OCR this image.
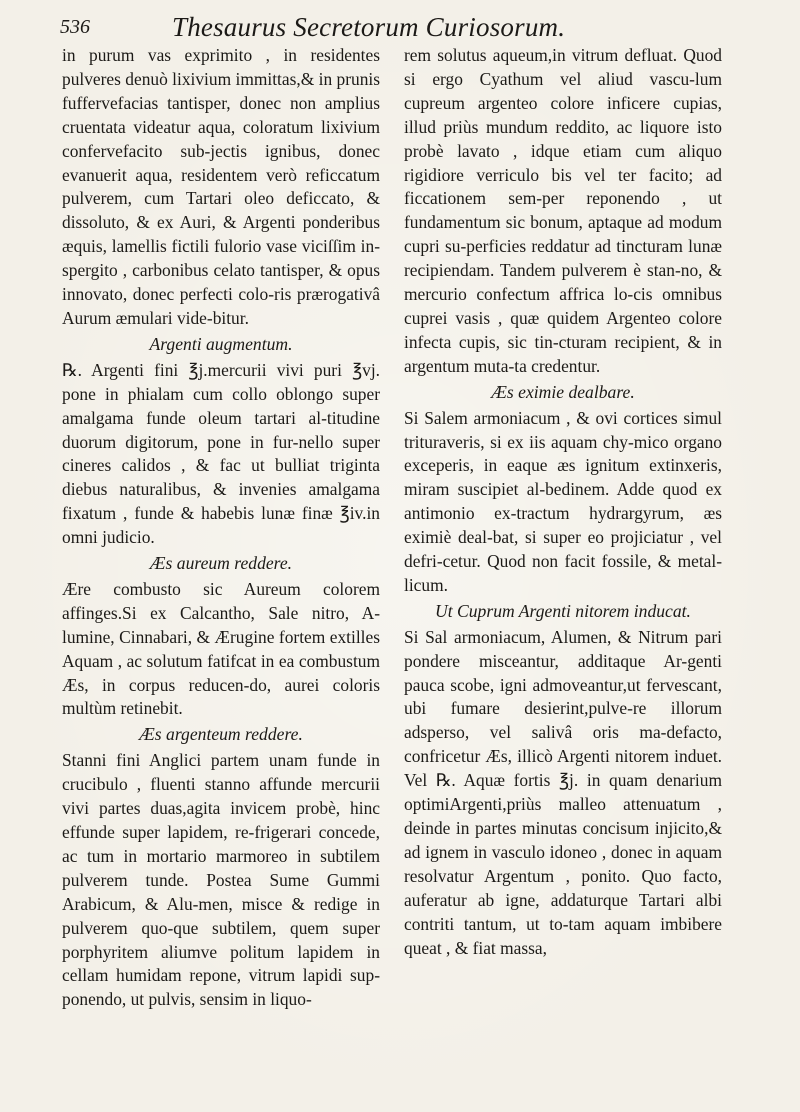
536	Thesaurus Secretorum Curiosorum.

in purum vas exprimito , in residentes pulveres denuò lixivium immittas,& in prunis fuffervefacias tantisper, donec non amplius cruentata videatur aqua, coloratum lixivium confervefacito sub-jectis ignibus, donec evanuerit aqua, residentem verò reficcatum pulverem, cum Tartari oleo deficcato, & dissoluto, & ex Auri, & Argenti ponderibus æquis, lamellis fictili fulorio vase viciſſim in-spergito , carbonibus celato tantisper, & opus innovato, donec perfecti colo-ris prærogativâ Aurum æmulari vide-bitur.

Argenti augmentum.

℞. Argenti fini ℥j.mercurii vivi puri ℥vj. pone in phialam cum collo oblongo super amalgama funde oleum tartari al-titudine duorum digitorum, pone in fur-nello super cineres calidos , & fac ut bulliat triginta diebus naturalibus, & invenies amalgama fixatum , funde & habebis lunæ finæ ℥iv.in omni judicio.

Æs aureum reddere.

Ære combusto sic Aureum colorem affinges.Si ex Calcantho, Sale nitro, A-lumine, Cinnabari, & Ærugine fortem extilles Aquam , ac solutum fatifcat in ea combustum Æs, in corpus reducen-do, aurei coloris multùm retinebit.

Æs argenteum reddere.

Stanni fini Anglici partem unam funde in crucibulo , fluenti stanno affunde mercurii vivi partes duas,agita invicem probè, hinc effunde super lapidem, re-frigerari concede, ac tum in mortario marmoreo in subtilem pulverem tunde. Postea Sume Gummi Arabicum, & Alu-men, misce & redige in pulverem quo-que subtilem, quem super porphyritem aliumve politum lapidem in cellam humidam repone, vitrum lapidi sup-ponendo, ut pulvis, sensim in liquo-

rem solutus aqueum,in vitrum defluat. Quod si ergo Cyathum vel aliud vascu-lum cupreum argenteo colore inficere cupias, illud priùs mundum reddito, ac liquore isto probè lavato , idque etiam cum aliquo rigidiore verriculo bis vel ter facito; ad ficcationem sem-per reponendo , ut fundamentum sic bonum, aptaque ad modum cupri su-perficies reddatur ad tincturam lunæ recipiendam. Tandem pulverem è stan-no, & mercurio confectum affrica lo-cis omnibus cuprei vasis , quæ quidem Argenteo colore infecta cupis, sic tin-cturam recipient, & in argentum muta-ta credentur.

Æs eximie dealbare.

Si Salem armoniacum , & ovi cortices simul trituraveris, si ex iis aquam chy-mico organo exceperis, in eaque æs ignitum extinxeris, miram suscipiet al-bedinem. Adde quod ex antimonio ex-tractum hydrargyrum, æs eximiè deal-bat, si super eo projiciatur , vel defri-cetur. Quod non facit fossile, & metal-licum.

Ut Cuprum Argenti nitorem inducat.

Si Sal armoniacum, Alumen, & Nitrum pari pondere misceantur, additaque Ar-genti pauca scobe, igni admoveantur,ut fervescant, ubi fumare desierint,pulve-re illorum adsperso, vel salivâ oris ma-defacto, confricetur Æs, illicò Argenti nitorem induet. Vel ℞. Aquæ fortis ℥j. in quam denarium optimiArgenti,priùs malleo attenuatum , deinde in partes minutas concisum injicito,& ad ignem in vasculo idoneo , donec in aquam resolvatur Argentum , ponito. Quo facto, auferatur ab igne, addaturque Tartari albi contriti tantum, ut to-tam aquam imbibere queat , & fiat massa,
